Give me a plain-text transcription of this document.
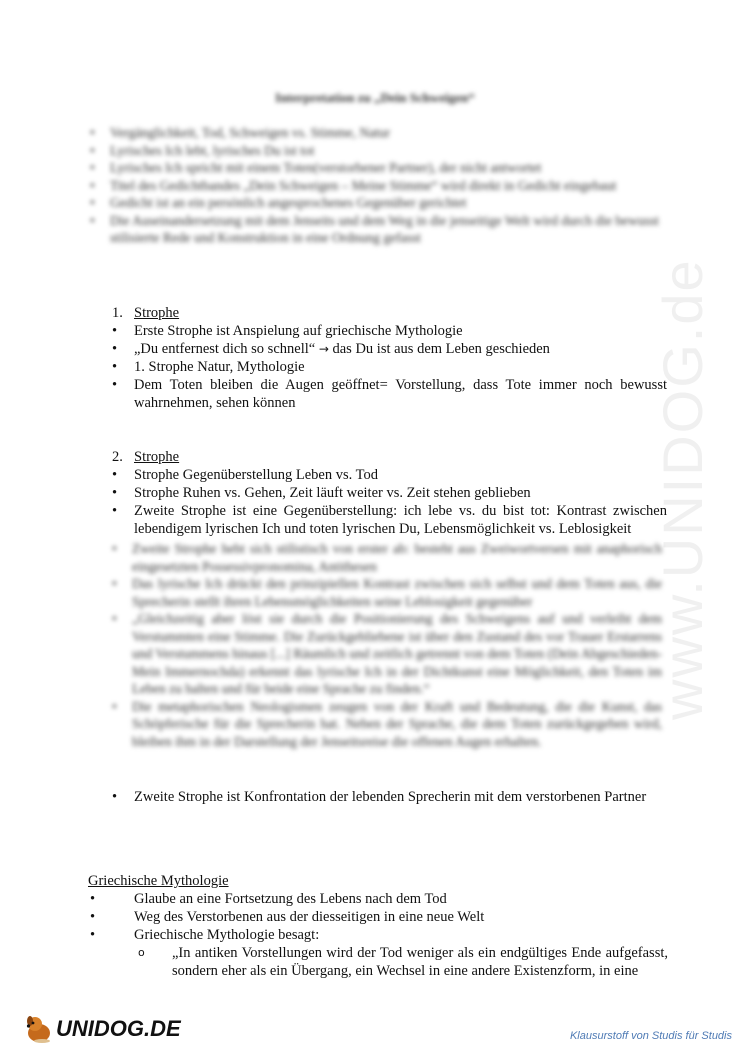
www.UNIDOG.de
Interpretation zu „Dein Schweigen“
• Vergänglichkeit, Tod, Schweigen vs. Stimme, Natur
• Lyrisches Ich lebt, lyrisches Du ist tot
• Lyrisches Ich spricht mit einem Toten(verstorbener Partner), der nicht antwortet
• Titel des Gedichtbandes „Dein Schweigen – Meine Stimme“ wird direkt in Gedicht eingebaut
• Gedicht ist an ein persönlich angesprochenes Gegenüber gerichtet
• Die Auseinandersetzung mit dem Jenseits und dem Weg in die jenseitige Welt wird durch die bewusst stilisierte Rede und Konstruktion in eine Ordnung gefasst
1. Strophe
• Erste Strophe ist Anspielung auf griechische Mythologie
• „Du entfernest dich so schnell“ → das Du ist aus dem Leben geschieden
• 1. Strophe Natur, Mythologie
• Dem Toten bleiben die Augen geöffnet= Vorstellung, dass Tote immer noch bewusst wahrnehmen, sehen können
2. Strophe
• Strophe Gegenüberstellung Leben vs. Tod
• Strophe Ruhen vs. Gehen, Zeit läuft weiter vs. Zeit stehen geblieben
• Zweite Strophe ist eine Gegenüberstellung: ich lebe vs. du bist tot: Kontrast zwischen lebendigem lyrischen Ich und toten lyrischen Du, Lebensmöglichkeit vs. Leblosigkeit
• Zweite Strophe hebt sich stilistisch von erster ab: besteht aus Zweiwortversen mit anaphorisch eingesetzten Possessivpronomina, Antithesen
• Das lyrische Ich drückt den prinzipiellen Kontrast zwischen sich selbst und dem Toten aus, die Sprecherin stellt ihren Lebensmöglichkeiten seine Leblosigkeit gegenüber
• „Gleichzeitig aber löst sie durch die Positionierung des Schweigens auf und verleiht dem Verstummten eine Stimme. Die Zurückgebliebene ist über den Zustand des vor Trauer Erstarrens und Verstummens hinaus [...] Räumlich und zeitlich getrennt von dem Toten (Dein Abgeschieden- Mein Immernochda) erkennt das lyrische Ich in der Dichtkunst eine Möglichkeit, den Toten im Leben zu halten und für beide eine Sprache zu finden.“
• Die metaphorischen Neologismen zeugen von der Kraft und Bedeutung, die die Kunst, das Schöpferische für die Sprecherin hat. Neben der Sprache, die dem Toten zurückgegeben wird, bleiben ihm in der Darstellung der Jenseitsreise die offenen Augen erhalten.
• Zweite Strophe ist Konfrontation der lebenden Sprecherin mit dem verstorbenen Partner
Griechische Mythologie
• Glaube an eine Fortsetzung des Lebens nach dem Tod
• Weg des Verstorbenen aus der diesseitigen in eine neue Welt
• Griechische Mythologie besagt:
o „In antiken Vorstellungen wird der Tod weniger als ein endgültiges Ende aufgefasst, sondern eher als ein Übergang, ein Wechsel in eine andere Existenzform, in eine
UNIDOG.DE	Klausurstoff von Studis für Studis
